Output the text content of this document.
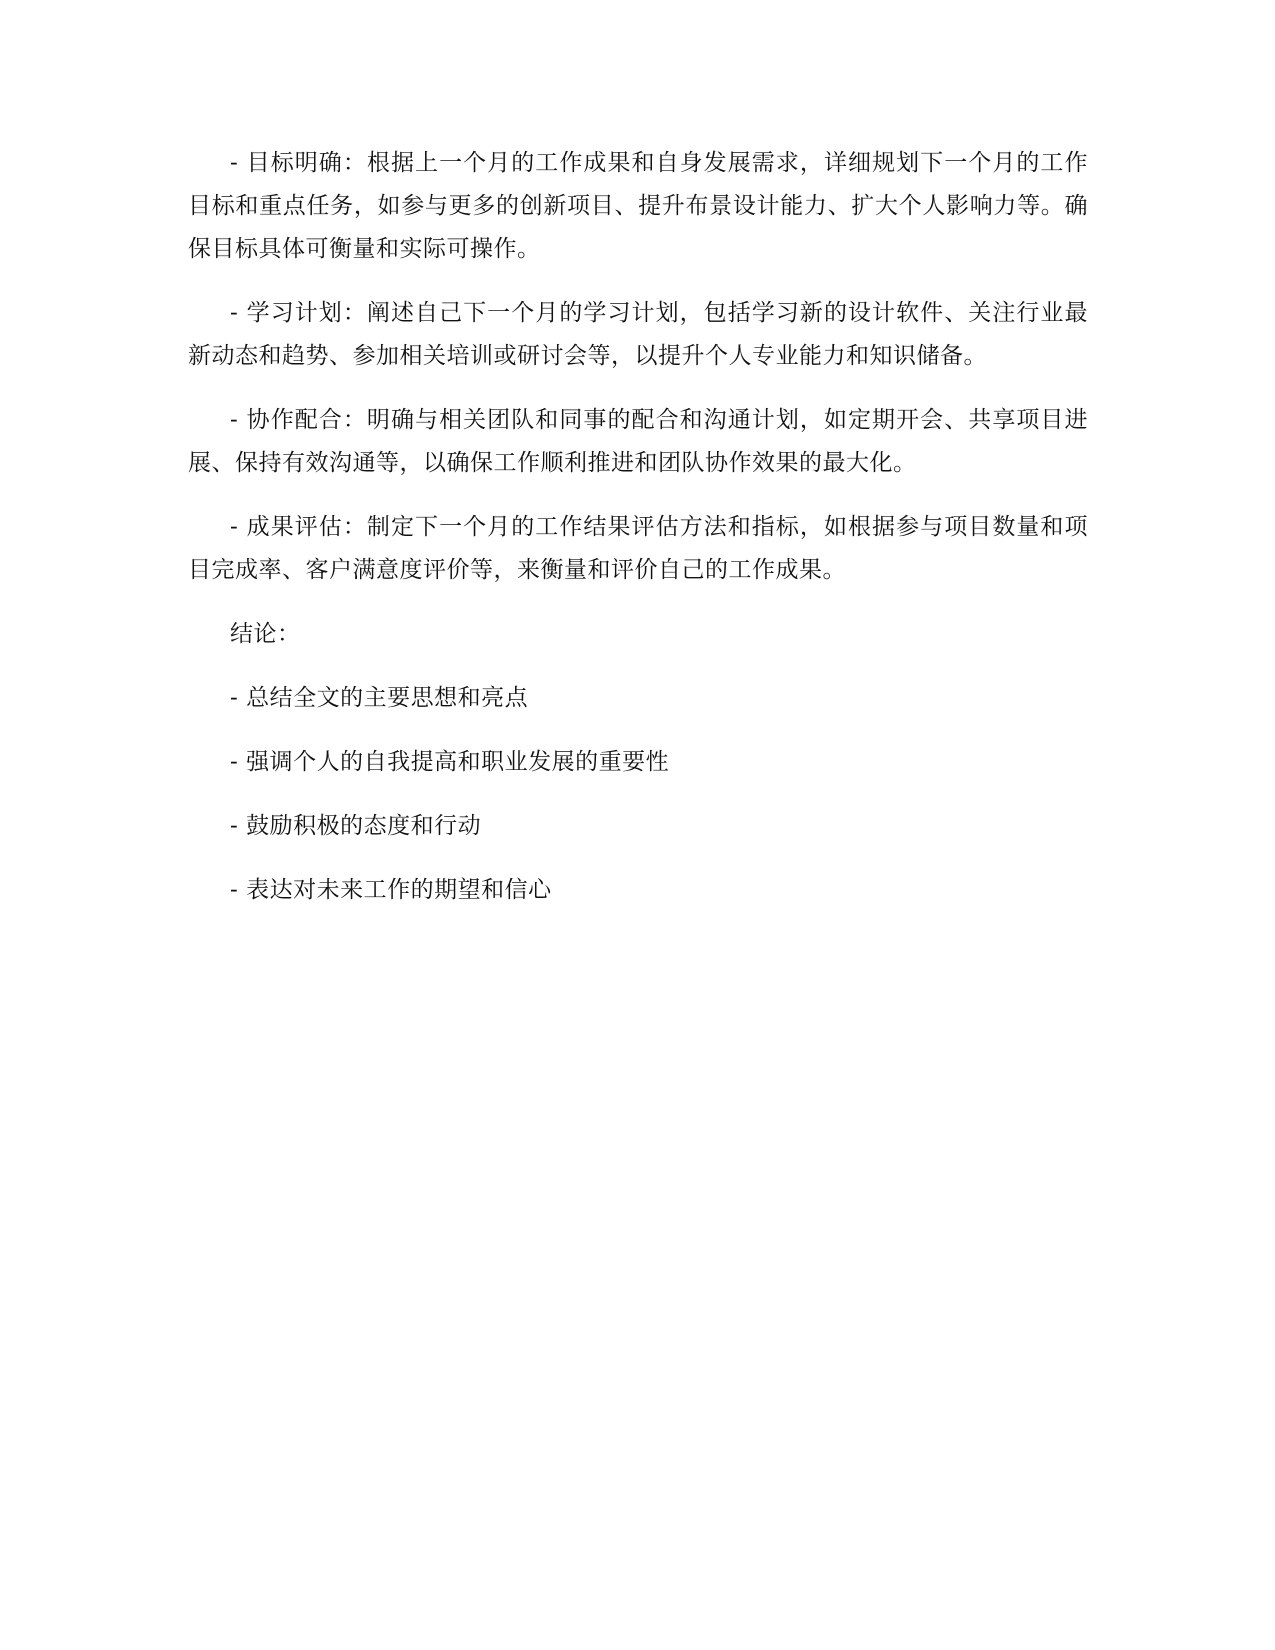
- 目标明确：根据上一个月的工作成果和自身发展需求，详细规划下一个月的工作目标和重点任务，如参与更多的创新项目、提升布景设计能力、扩大个人影响力等。确保目标具体可衡量和实际可操作。

- 学习计划：阐述自己下一个月的学习计划，包括学习新的设计软件、关注行业最新动态和趋势、参加相关培训或研讨会等，以提升个人专业能力和知识储备。

- 协作配合：明确与相关团队和同事的配合和沟通计划，如定期开会、共享项目进展、保持有效沟通等，以确保工作顺利推进和团队协作效果的最大化。

- 成果评估：制定下一个月的工作结果评估方法和指标，如根据参与项目数量和项目完成率、客户满意度评价等，来衡量和评价自己的工作成果。

结论：

- 总结全文的主要思想和亮点

- 强调个人的自我提高和职业发展的重要性

- 鼓励积极的态度和行动

- 表达对未来工作的期望和信心
